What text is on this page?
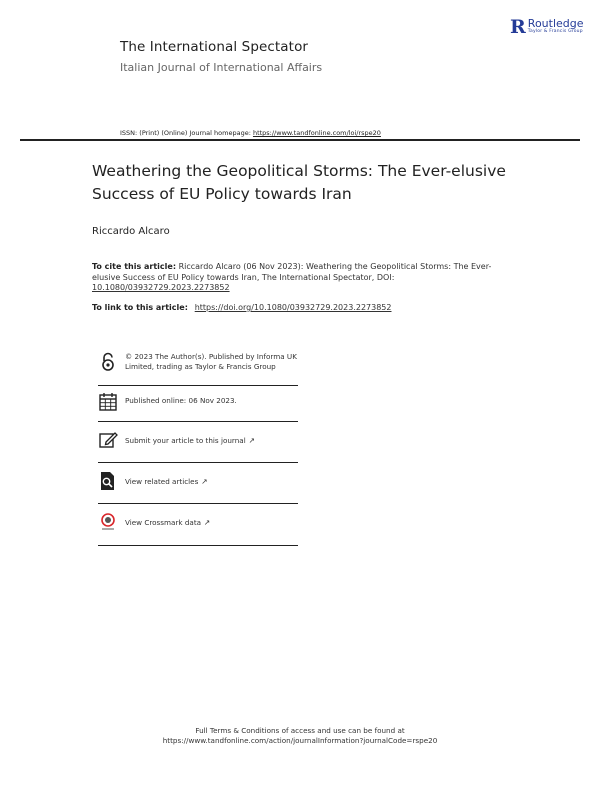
The International Spectator
Italian Journal of International Affairs
R Routledge
Taylor & Francis Group
ISSN: (Print) (Online) Journal homepage: https://www.tandfonline.com/loi/rspe20
Weathering the Geopolitical Storms: The Ever-elusive Success of EU Policy towards Iran
Riccardo Alcaro
To cite this article: Riccardo Alcaro (06 Nov 2023): Weathering the Geopolitical Storms: The Ever-elusive Success of EU Policy towards Iran, The International Spectator, DOI: 10.1080/03932729.2023.2273852
To link to this article: https://doi.org/10.1080/03932729.2023.2273852
© 2023 The Author(s). Published by Informa UK Limited, trading as Taylor & Francis Group
Published online: 06 Nov 2023.
Submit your article to this journal ↗
View related articles ↗
View Crossmark data ↗
Full Terms & Conditions of access and use can be found at
https://www.tandfonline.com/action/journalInformation?journalCode=rspe20
